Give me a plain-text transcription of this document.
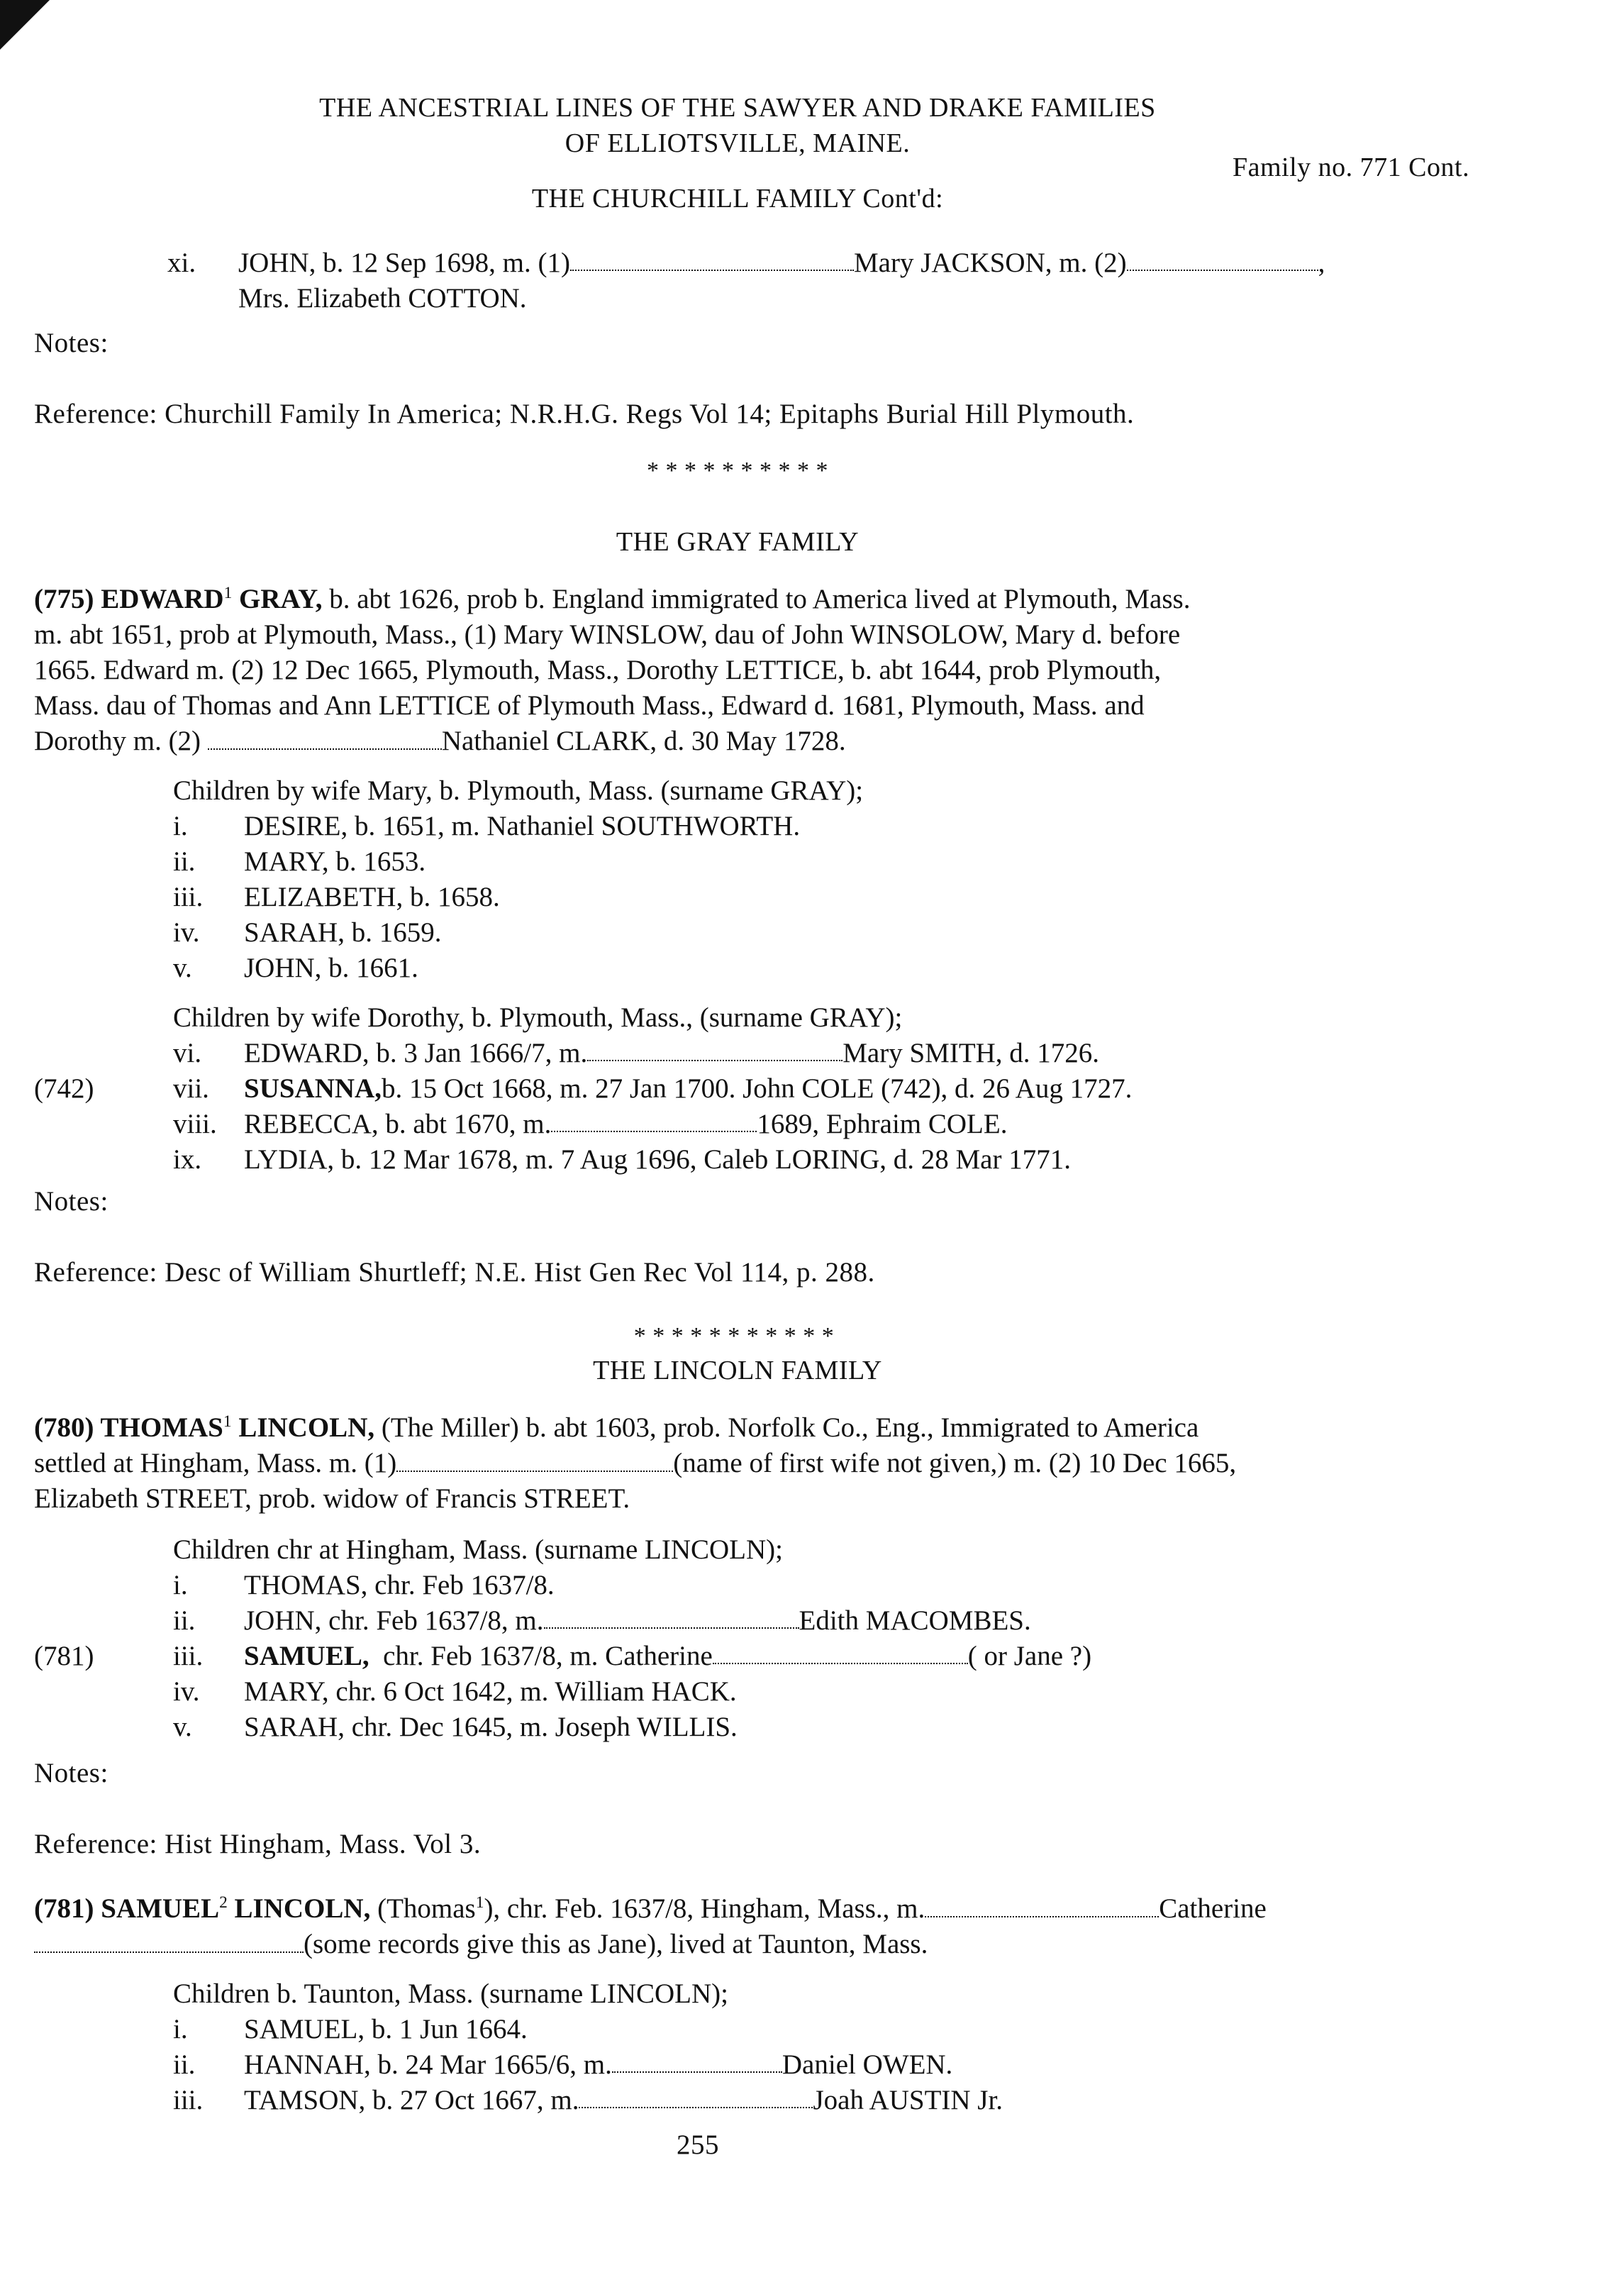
THE ANCESTRIAL LINES OF THE SAWYER AND DRAKE FAMILIES
OF ELLIOTSVILLE, MAINE.
Family no. 771 Cont.
THE CHURCHILL FAMILY Cont'd:
xi.	JOHN, b. 12 Sep 1698, m. (1)	Mary JACKSON, m. (2)	,
Mrs. Elizabeth COTTON.
Notes:
Reference: Churchill Family In America; N.R.H.G. Regs Vol 14; Epitaphs Burial Hill Plymouth.
* * * * * * * * * *
THE GRAY FAMILY

(775) EDWARD$^1$ GRAY, b. abt 1626, prob b. England immigrated to America lived at Plymouth, Mass.

m. abt 1651, prob at Plymouth, Mass., (1) Mary WINSLOW, dau of John WINSOLOW, Mary d. before

1665. Edward m. (2) 12 Dec 1665, Plymouth, Mass., Dorothy LETTICE, b. abt 1644, prob Plymouth,

Mass. dau of Thomas and Ann LETTICE of Plymouth Mass., Edward d. 1681, Plymouth, Mass. and

Dorothy m. (2)	Nathaniel CLARK, d. 30 May 1728.

Children by wife Mary, b. Plymouth, Mass. (surname GRAY);
i.	DESIRE, b. 1651, m. Nathaniel SOUTHWORTH.
ii.	MARY, b. 1653.
iii.	ELIZABETH, b. 1658.
iv.	SARAH, b. 1659.
v.	JOHN, b. 1661.
Children by wife Dorothy, b. Plymouth, Mass., (surname GRAY);
vi.	EDWARD, b. 3 Jan 1666/7, m.	Mary SMITH, d. 1726.
vii.	SUSANNA, b. 15 Oct 1668, m. 27 Jan 1700. John COLE (742), d. 26 Aug 1727.
viii. REBECCA, b. abt 1670, m.	1689, Ephraim COLE.
ix.	LYDIA, b. 12 Mar 1678, m. 7 Aug 1696, Caleb LORING, d. 28 Mar 1771.
(742)
Notes:
Reference: Desc of William Shurtleff; N.E. Hist Gen Rec Vol 114, p. 288.
* * * * * * * * * * *
THE LINCOLN FAMILY

(780) THOMAS$^1$ LINCOLN, (The Miller) b. abt 1603, prob. Norfolk Co., Eng., Immigrated to America

settled at Hingham, Mass. m. (1)	(name of first wife not given,) m. (2) 10 Dec 1665,

Elizabeth STREET, prob. widow of Francis STREET.

Children chr at Hingham, Mass. (surname LINCOLN);
i.	THOMAS, chr. Feb 1637/8.
ii.	JOHN, chr. Feb 1637/8, m.	Edith MACOMBES.
iii.	SAMUEL, chr. Feb 1637/8, m. Catherine	( or Jane ?)
iv.	MARY, chr. 6 Oct 1642, m. William HACK.
v.	SARAH, chr. Dec 1645, m. Joseph WILLIS.
(781)
Notes:
Reference: Hist Hingham, Mass. Vol 3.

(781) SAMUEL$^2$ LINCOLN, (Thomas$^1$), chr. Feb. 1637/8, Hingham, Mass., m.	Catherine

(some records give this as Jane), lived at Taunton, Mass.

Children b. Taunton, Mass. (surname LINCOLN);
i.	SAMUEL, b. 1 Jun 1664.
ii.	HANNAH, b. 24 Mar 1665/6, m.	Daniel OWEN.
iii.	TAMSON, b. 27 Oct 1667, m.	Joah AUSTIN Jr.
255
